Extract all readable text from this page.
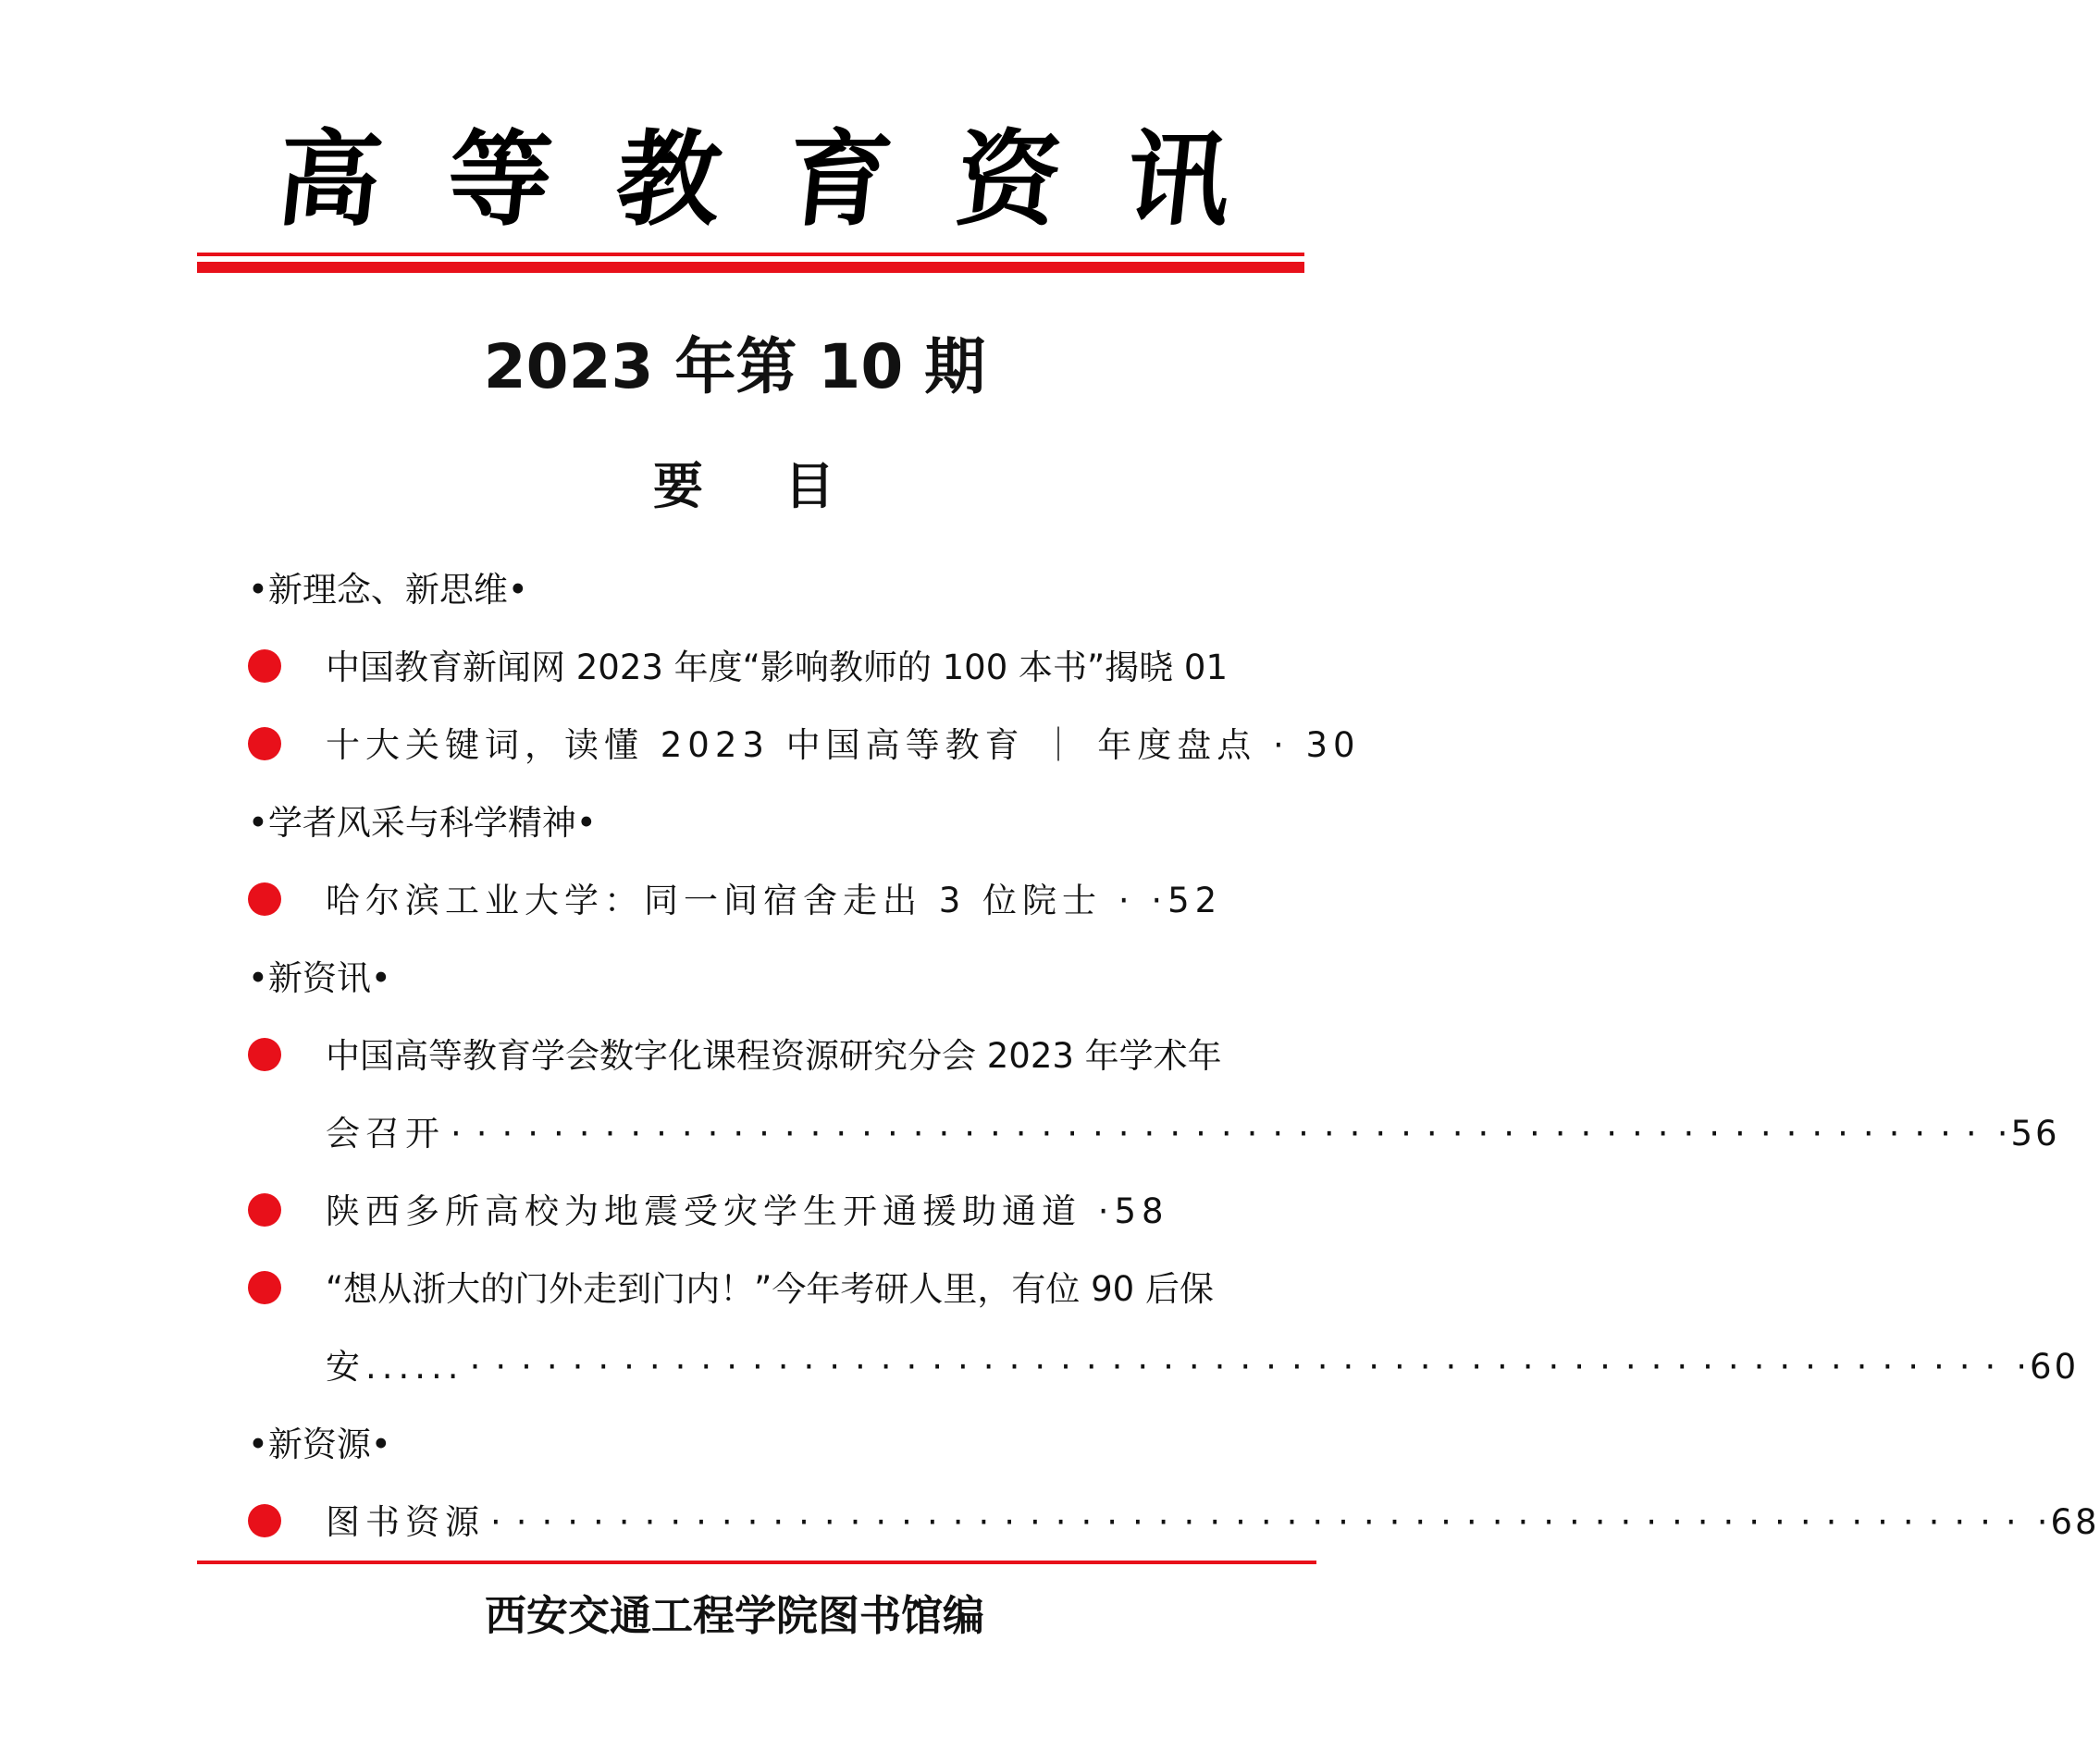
高 等 教 育 资 讯
2023 年第 10 期
要 目
•新理念、新思维•
中国教育新闻网 2023 年度“影响教师的 100 本书”揭晓 01
十大关键词，读懂 2023 中国高等教育 ｜ 年度盘点 · 30
•学者风采与科学精神•
哈尔滨工业大学：同一间宿舍走出 3 位院士 · ·52
•新资讯•
中国高等教育学会数字化课程资源研究分会 2023 年学术年
会召开 ···························································· ·56
陕西多所高校为地震受灾学生开通援助通道 ·58
“想从浙大的门外走到门内！”今年考研人里，有位 90 后保
安...... ···························································· ·60
•新资源•
图书资源 ···························································· ·68
西安交通工程学院图书馆编
